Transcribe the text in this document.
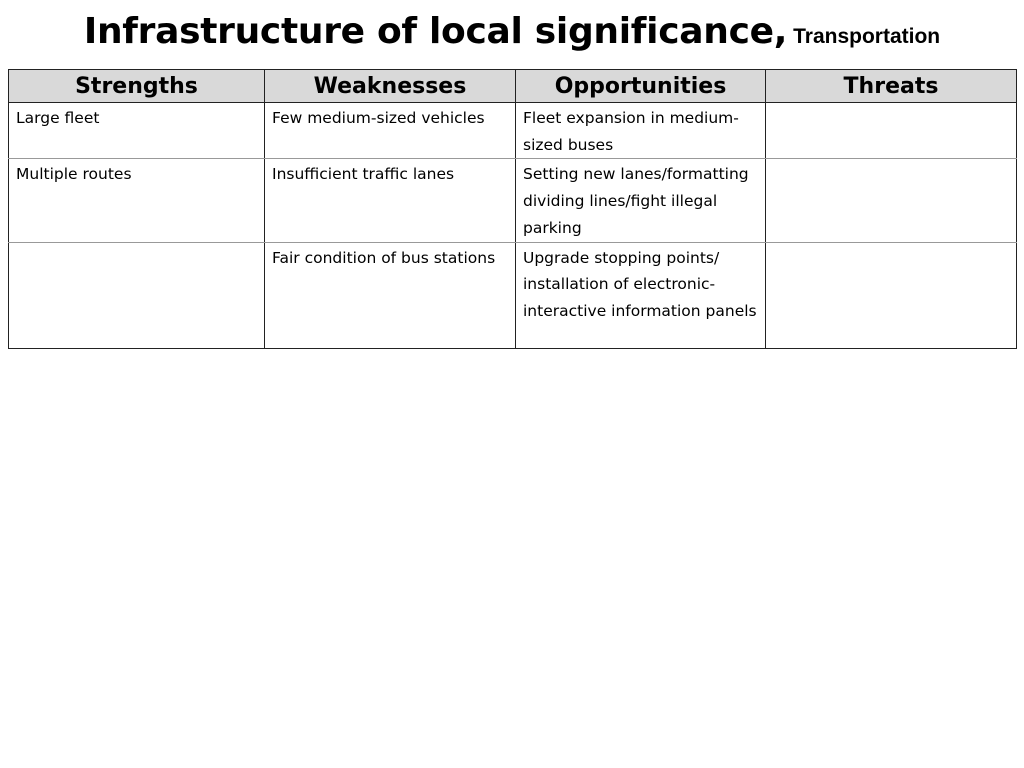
Infrastructure of local significance, Transportation
Strengths	Weaknesses	Opportunities	Threats
Large fleet	Few medium-sized vehicles	Fleet expansion in medium-sized buses	
Multiple routes	Insufficient traffic lanes	Setting new lanes/formatting dividing lines/fight illegal parking	
	Fair condition of bus stations	Upgrade stopping points/ installation of electronic-interactive information panels	
